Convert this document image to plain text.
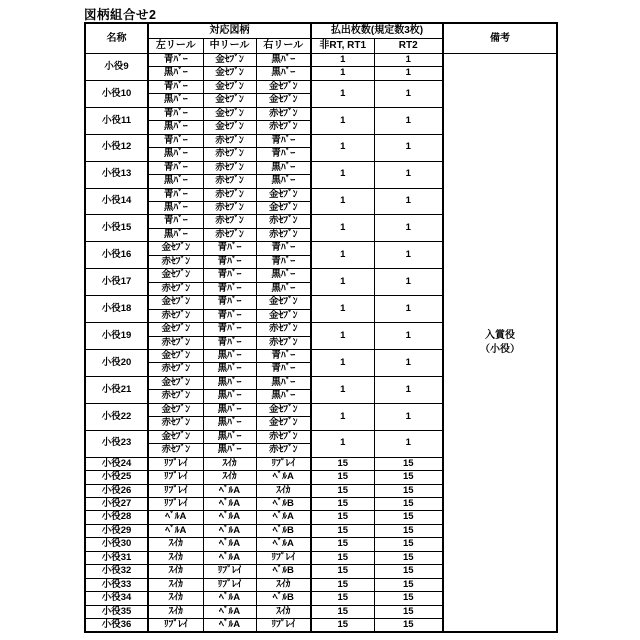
図柄組合せ2
名称	対応図柄			払出枚数(規定数3枚)		備考
	左リール	中リール	右リール	非RT, RT1	RT2	
小役9	青ﾊﾞｰ	金ｾﾌﾞﾝ	黒ﾊﾞｰ	1	1	入賞役
（小役）

	黒ﾊﾞｰ	金ｾﾌﾞﾝ	黒ﾊﾞｰ	1	1	
小役10	青ﾊﾞｰ	金ｾﾌﾞﾝ	金ｾﾌﾞﾝ	1	1	
	黒ﾊﾞｰ	金ｾﾌﾞﾝ	金ｾﾌﾞﾝ			
小役11	青ﾊﾞｰ	金ｾﾌﾞﾝ	赤ｾﾌﾞﾝ	1	1	
	黒ﾊﾞｰ	金ｾﾌﾞﾝ	赤ｾﾌﾞﾝ			
小役12	青ﾊﾞｰ	赤ｾﾌﾞﾝ	青ﾊﾞｰ	1	1	
	黒ﾊﾞｰ	赤ｾﾌﾞﾝ	青ﾊﾞｰ			
小役13	青ﾊﾞｰ	赤ｾﾌﾞﾝ	黒ﾊﾞｰ	1	1	
	黒ﾊﾞｰ	赤ｾﾌﾞﾝ	黒ﾊﾞｰ			
小役14	青ﾊﾞｰ	赤ｾﾌﾞﾝ	金ｾﾌﾞﾝ	1	1	
	黒ﾊﾞｰ	赤ｾﾌﾞﾝ	金ｾﾌﾞﾝ			
小役15	青ﾊﾞｰ	赤ｾﾌﾞﾝ	赤ｾﾌﾞﾝ	1	1	
	黒ﾊﾞｰ	赤ｾﾌﾞﾝ	赤ｾﾌﾞﾝ			
小役16	金ｾﾌﾞﾝ	青ﾊﾞｰ	青ﾊﾞｰ	1	1	
	赤ｾﾌﾞﾝ	青ﾊﾞｰ	青ﾊﾞｰ			
小役17	金ｾﾌﾞﾝ	青ﾊﾞｰ	黒ﾊﾞｰ	1	1	
	赤ｾﾌﾞﾝ	青ﾊﾞｰ	黒ﾊﾞｰ			
小役18	金ｾﾌﾞﾝ	青ﾊﾞｰ	金ｾﾌﾞﾝ	1	1	
	赤ｾﾌﾞﾝ	青ﾊﾞｰ	金ｾﾌﾞﾝ			
小役19	金ｾﾌﾞﾝ	青ﾊﾞｰ	赤ｾﾌﾞﾝ	1	1	
	赤ｾﾌﾞﾝ	青ﾊﾞｰ	赤ｾﾌﾞﾝ			
小役20	金ｾﾌﾞﾝ	黒ﾊﾞｰ	青ﾊﾞｰ	1	1	
	赤ｾﾌﾞﾝ	黒ﾊﾞｰ	青ﾊﾞｰ			
小役21	金ｾﾌﾞﾝ	黒ﾊﾞｰ	黒ﾊﾞｰ	1	1	
	赤ｾﾌﾞﾝ	黒ﾊﾞｰ	黒ﾊﾞｰ			
小役22	金ｾﾌﾞﾝ	黒ﾊﾞｰ	金ｾﾌﾞﾝ	1	1	
	赤ｾﾌﾞﾝ	黒ﾊﾞｰ	金ｾﾌﾞﾝ			
小役23	金ｾﾌﾞﾝ	黒ﾊﾞｰ	赤ｾﾌﾞﾝ	1	1	
	赤ｾﾌﾞﾝ	黒ﾊﾞｰ	赤ｾﾌﾞﾝ			
小役24	ﾘﾌﾟﾚｲ	ｽｲｶ	ﾘﾌﾟﾚｲ	15	15	
小役25	ﾘﾌﾟﾚｲ	ｽｲｶ	ﾍﾞﾙA	15	15	
小役26	ﾘﾌﾟﾚｲ	ﾍﾞﾙA	ｽｲｶ	15	15	
小役27	ﾘﾌﾟﾚｲ	ﾍﾞﾙA	ﾍﾞﾙB	15	15	
小役28	ﾍﾞﾙA	ﾍﾞﾙA	ﾍﾞﾙA	15	15	
小役29	ﾍﾞﾙA	ﾍﾞﾙA	ﾍﾞﾙB	15	15	
小役30	ｽｲｶ	ﾍﾞﾙA	ﾍﾞﾙA	15	15	
小役31	ｽｲｶ	ﾍﾞﾙA	ﾘﾌﾟﾚｲ	15	15	
小役32	ｽｲｶ	ﾘﾌﾟﾚｲ	ﾍﾞﾙB	15	15	
小役33	ｽｲｶ	ﾘﾌﾟﾚｲ	ｽｲｶ	15	15	
小役34	ｽｲｶ	ﾍﾞﾙA	ﾍﾞﾙB	15	15	
小役35	ｽｲｶ	ﾍﾞﾙA	ｽｲｶ	15	15	
小役36	ﾘﾌﾟﾚｲ	ﾍﾞﾙA	ﾘﾌﾟﾚｲ	15	15	
